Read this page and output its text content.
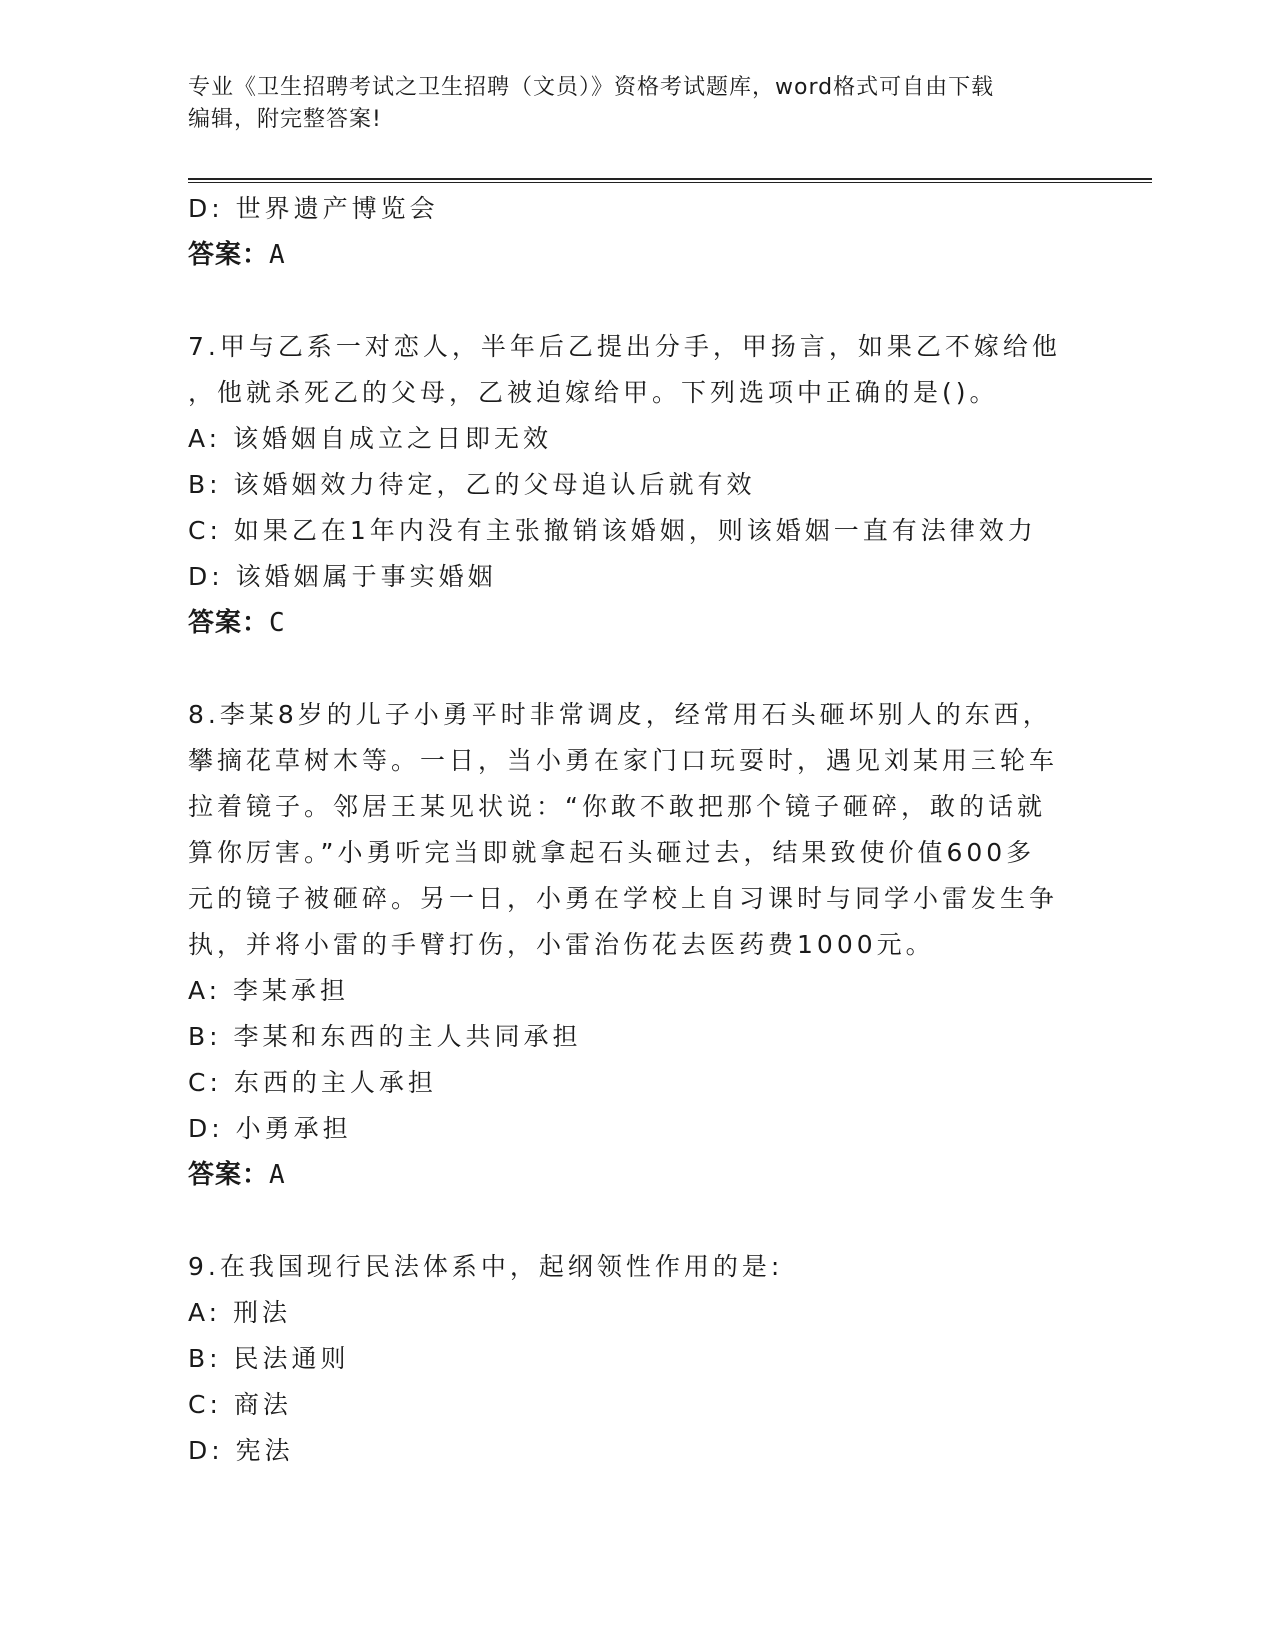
专业《卫生招聘考试之卫生招聘（文员）》资格考试题库，word格式可自由下载
编辑，附完整答案!
D: 世界遗产博览会
答案：A
7.甲与乙系一对恋人，半年后乙提出分手，甲扬言，如果乙不嫁给他
，他就杀死乙的父母，乙被迫嫁给甲。下列选项中正确的是()。
A: 该婚姻自成立之日即无效
B: 该婚姻效力待定，乙的父母追认后就有效
C: 如果乙在1年内没有主张撤销该婚姻，则该婚姻一直有法律效力
D: 该婚姻属于事实婚姻
答案：C
8.李某8岁的儿子小勇平时非常调皮，经常用石头砸坏别人的东西，
攀摘花草树木等。一日，当小勇在家门口玩耍时，遇见刘某用三轮车
拉着镜子。邻居王某见状说：“你敢不敢把那个镜子砸碎，敢的话就
算你厉害。”小勇听完当即就拿起石头砸过去，结果致使价值600多
元的镜子被砸碎。另一日，小勇在学校上自习课时与同学小雷发生争
执，并将小雷的手臂打伤，小雷治伤花去医药费1000元。
A: 李某承担
B: 李某和东西的主人共同承担
C: 东西的主人承担
D: 小勇承担
答案：A
9.在我国现行民法体系中，起纲领性作用的是:
A: 刑法
B: 民法通则
C: 商法
D: 宪法
